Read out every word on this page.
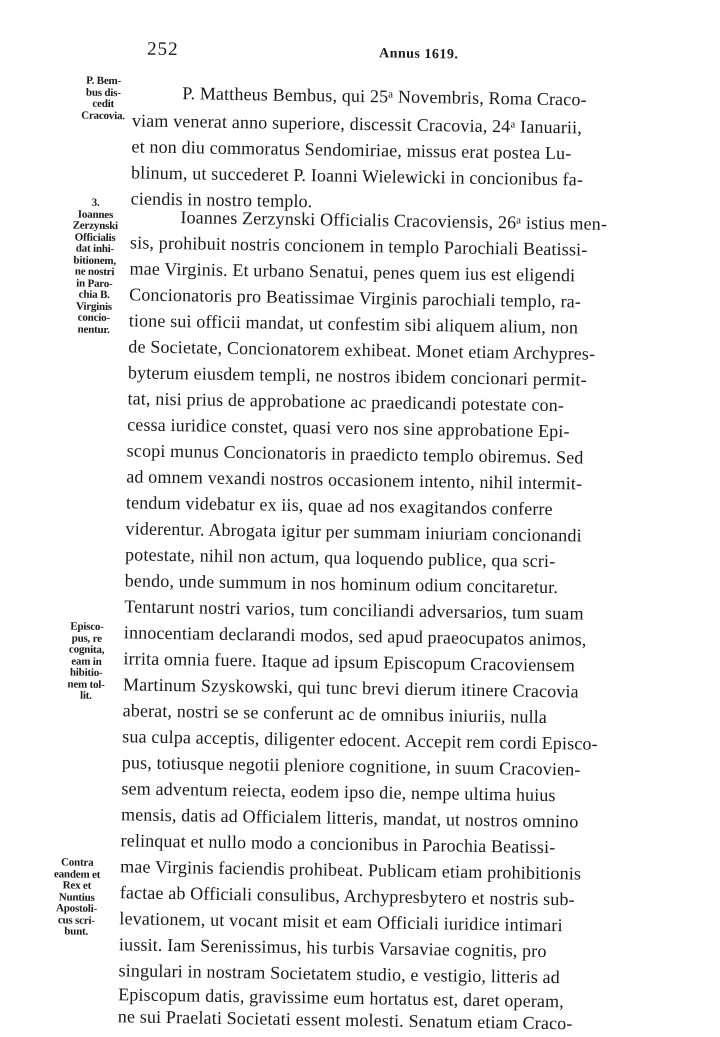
252	Annus 1619.
P. Bem-
bus dis-
cedit
Cracovia.
3.
Ioannes
Zerzynski
Officialis
dat inhi-
bitionem,
ne nostri
in Paro-
chia B.
Virginis
concio-
nentur.
Episco-
pus, re
cognita,
eam in
hibitio-
nem tol-
lit.
Contra
eandem et
Rex et
Nuntius
Apostoli-
cus scri-
bunt.
P. Mattheus Bembus, qui 25ᵃ Novembris, Roma Craco-
viam venerat anno superiore, discessit Cracovia, 24ᵃ Ianuarii,
et non diu commoratus Sendomiriae, missus erat postea Lu-
blinum, ut succederet P. Ioanni Wielewicki in concionibus fa-
ciendis in nostro templo.
Ioannes Zerzynski Officialis Cracoviensis, 26ᵃ istius men-
sis, prohibuit nostris concionem in templo Parochiali Beatissi-
mae Virginis. Et urbano Senatui, penes quem ius est eligendi
Concionatoris pro Beatissimae Virginis parochiali templo, ra-
tione sui officii mandat, ut confestim sibi aliquem alium, non
de Societate, Concionatorem exhibeat. Monet etiam Archypres-
byterum eiusdem templi, ne nostros ibidem concionari permit-
tat, nisi prius de approbatione ac praedicandi potestate con-
cessa iuridice constet, quasi vero nos sine approbatione Epi-
scopi munus Concionatoris in praedicto templo obiremus. Sed
ad omnem vexandi nostros occasionem intento, nihil intermit-
tendum videbatur ex iis, quae ad nos exagitandos conferre
viderentur. Abrogata igitur per summam iniuriam concionandi
potestate, nihil non actum, qua loquendo publice, qua scri-
bendo, unde summum in nos hominum odium concitaretur.
Tentarunt nostri varios, tum conciliandi adversarios, tum suam
innocentiam declarandi modos, sed apud praeocupatos animos,
irrita omnia fuere. Itaque ad ipsum Episcopum Cracoviensem
Martinum Szyskowski, qui tunc brevi dierum itinere Cracovia
aberat, nostri se se conferunt ac de omnibus iniuriis, nulla
sua culpa acceptis, diligenter edocent. Accepit rem cordi Episco-
pus, totiusque negotii pleniore cognitione, in suum Cracovien-
sem adventum reiecta, eodem ipso die, nempe ultima huius
mensis, datis ad Officialem litteris, mandat, ut nostros omnino
relinquat et nullo modo a concionibus in Parochia Beatissi-
mae Virginis faciendis prohibeat. Publicam etiam prohibitionis
factae ab Officiali consulibus, Archypresbytero et nostris sub-
levationem, ut vocant misit et eam Officiali iuridice intimari
iussit. Iam Serenissimus, his turbis Varsaviae cognitis, pro
singulari in nostram Societatem studio, e vestigio, litteris ad
Episcopum datis, gravissime eum hortatus est, daret operam,
ne sui Praelati Societati essent molesti. Senatum etiam Craco-
